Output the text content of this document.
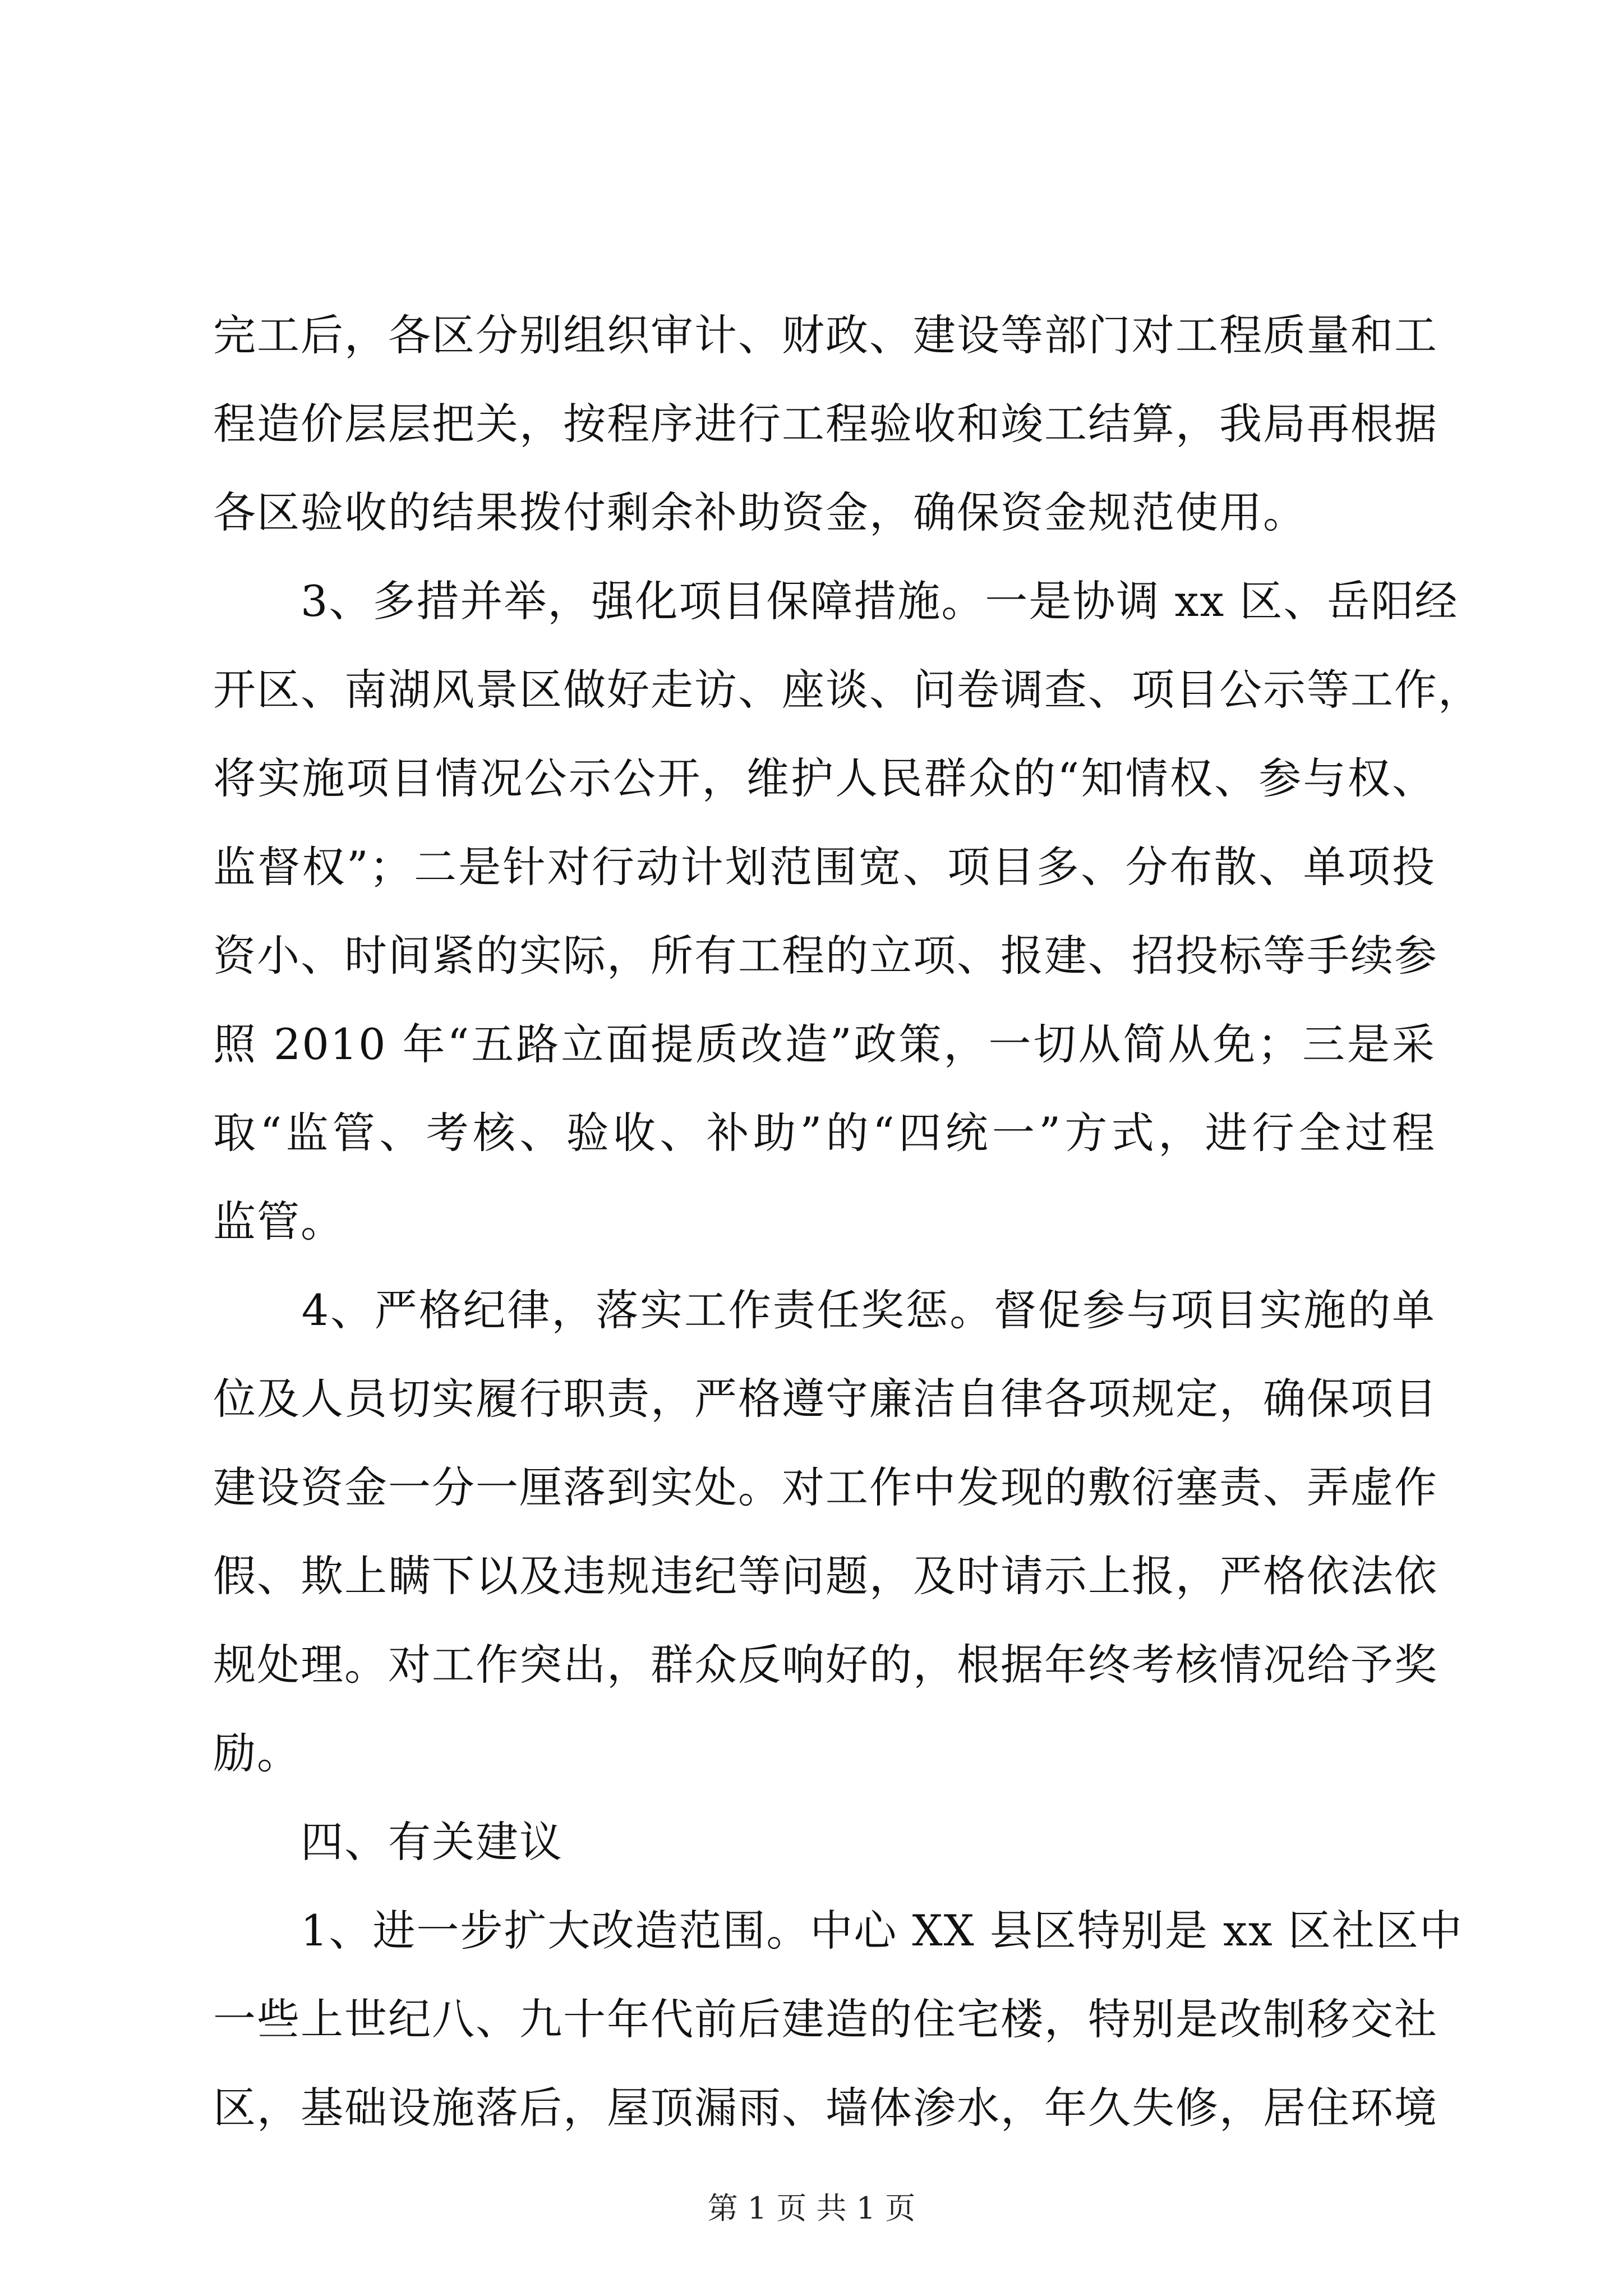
完工后，各区分别组织审计、财政、建设等部门对工程质量和工
程造价层层把关，按程序进行工程验收和竣工结算，我局再根据
各区验收的结果拨付剩余补助资金，确保资金规范使用。
　　3、多措并举，强化项目保障措施。一是协调 xx 区、岳阳经
开区、南湖风景区做好走访、座谈、问卷调查、项目公示等工作，
将实施项目情况公示公开，维护人民群众的“知情权、参与权、
监督权”；二是针对行动计划范围宽、项目多、分布散、单项投
资小、时间紧的实际，所有工程的立项、报建、招投标等手续参
照 2010 年“五路立面提质改造”政策，一切从简从免；三是采
取“监管、考核、验收、补助”的“四统一”方式，进行全过程
监管。
　　4、严格纪律，落实工作责任奖惩。督促参与项目实施的单
位及人员切实履行职责，严格遵守廉洁自律各项规定，确保项目
建设资金一分一厘落到实处。对工作中发现的敷衍塞责、弄虚作
假、欺上瞒下以及违规违纪等问题，及时请示上报，严格依法依
规处理。对工作突出，群众反响好的，根据年终考核情况给予奖
励。
　　四、有关建议
　　1、进一步扩大改造范围。中心 XX 县区特别是 xx 区社区中
一些上世纪八、九十年代前后建造的住宅楼，特别是改制移交社
区，基础设施落后，屋顶漏雨、墙体渗水，年久失修，居住环境
第 1 页 共 1 页
